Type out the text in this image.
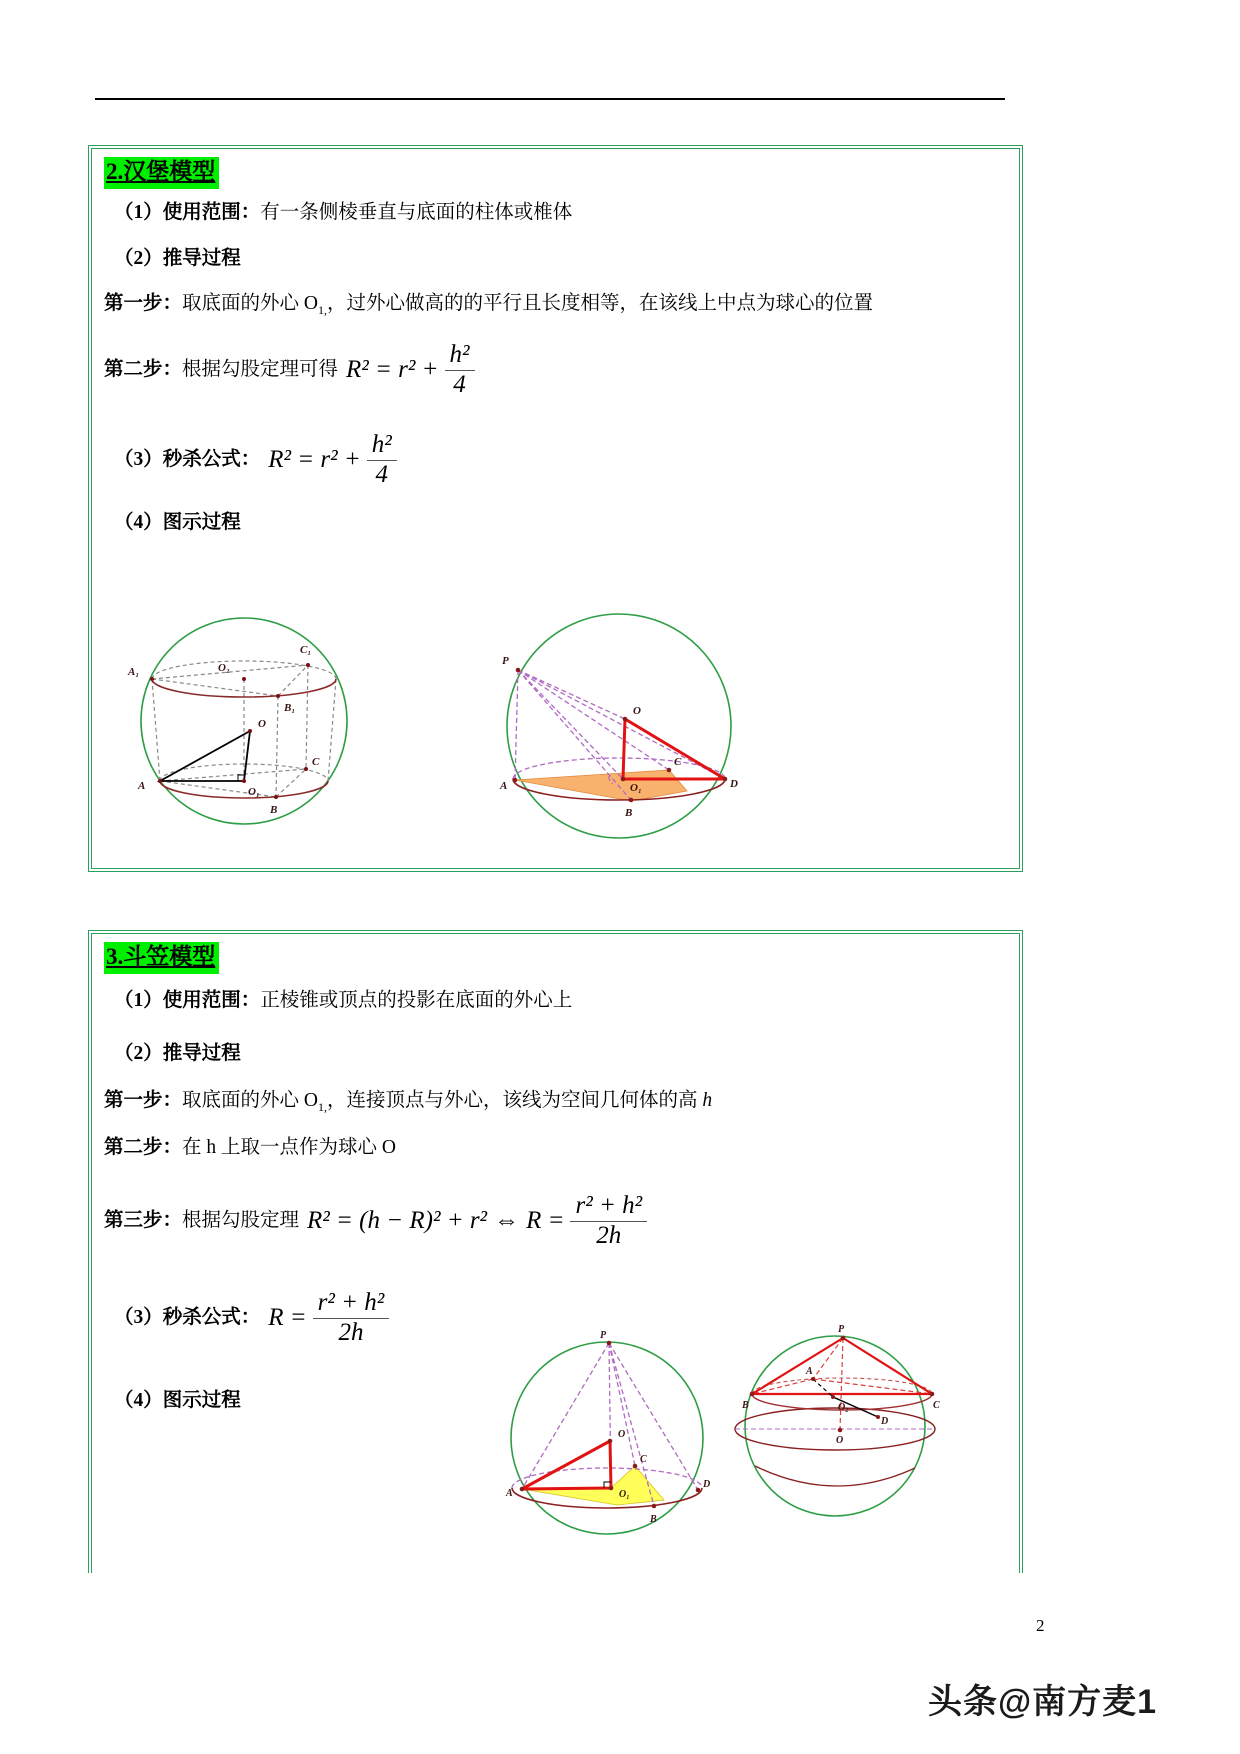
2.汉堡模型
（1）使用范围：有一条侧棱垂直与底面的柱体或椎体
（2）推导过程
第一步：取底面的外心 $O_{1,}$，过外心做高的的平行且长度相等，在该线上中点为球心的位置
第二步： 根据勾股定理可得 $R^2 = r^2 + \frac{\text{h²}}{4}$
（3）秒杀公式： $R^2 = r^2 + \frac{\text{h²}}{4}$
（4）图示过程
A₁
C₁
O₂
B₁
O
A	O₁
B
C
P
O
C
A	O₁
B
D
3.斗笠模型
（1）使用范围：正棱锥或顶点的投影在底面的外心上
（2）推导过程
第一步：取底面的外心 $O_{1,}$，连接顶点与外心，该线为空间几何体的高 h
第二步：在 h 上取一点作为球心 O
第三步： 根据勾股定理 R² = (h − R)² + r² ⇔ $R = \frac{\text{r² + h²}}{2h}$
（3）秒杀公式： $R = \frac{\text{r² + h²}}{2h}$
（4）图示过程
P
A
O
O₁
C
B
D
P
A
B	O₂
D
C
O
2
头条@南方麦1
